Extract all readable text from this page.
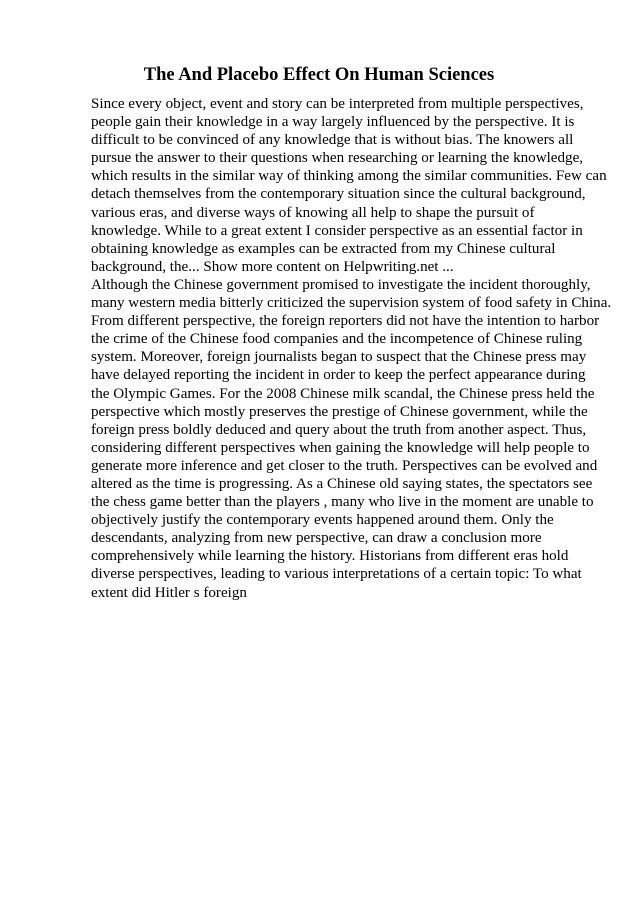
The And Placebo Effect On Human Sciences
Since every object, event and story can be interpreted from multiple perspectives,
people gain their knowledge in a way largely influenced by the perspective. It is
difficult to be convinced of any knowledge that is without bias. The knowers all
pursue the answer to their questions when researching or learning the knowledge,
which results in the similar way of thinking among the similar communities. Few can
detach themselves from the contemporary situation since the cultural background,
various eras, and diverse ways of knowing all help to shape the pursuit of
knowledge. While to a great extent I consider perspective as an essential factor in
obtaining knowledge as examples can be extracted from my Chinese cultural
background, the... Show more content on Helpwriting.net ...
Although the Chinese government promised to investigate the incident thoroughly,
many western media bitterly criticized the supervision system of food safety in China.
From different perspective, the foreign reporters did not have the intention to harbor
the crime of the Chinese food companies and the incompetence of Chinese ruling
system. Moreover, foreign journalists began to suspect that the Chinese press may
have delayed reporting the incident in order to keep the perfect appearance during
the Olympic Games. For the 2008 Chinese milk scandal, the Chinese press held the
perspective which mostly preserves the prestige of Chinese government, while the
foreign press boldly deduced and query about the truth from another aspect. Thus,
considering different perspectives when gaining the knowledge will help people to
generate more inference and get closer to the truth. Perspectives can be evolved and
altered as the time is progressing. As a Chinese old saying states, the spectators see
the chess game better than the players , many who live in the moment are unable to
objectively justify the contemporary events happened around them. Only the
descendants, analyzing from new perspective, can draw a conclusion more
comprehensively while learning the history. Historians from different eras hold
diverse perspectives, leading to various interpretations of a certain topic: To what
extent did Hitler s foreign
